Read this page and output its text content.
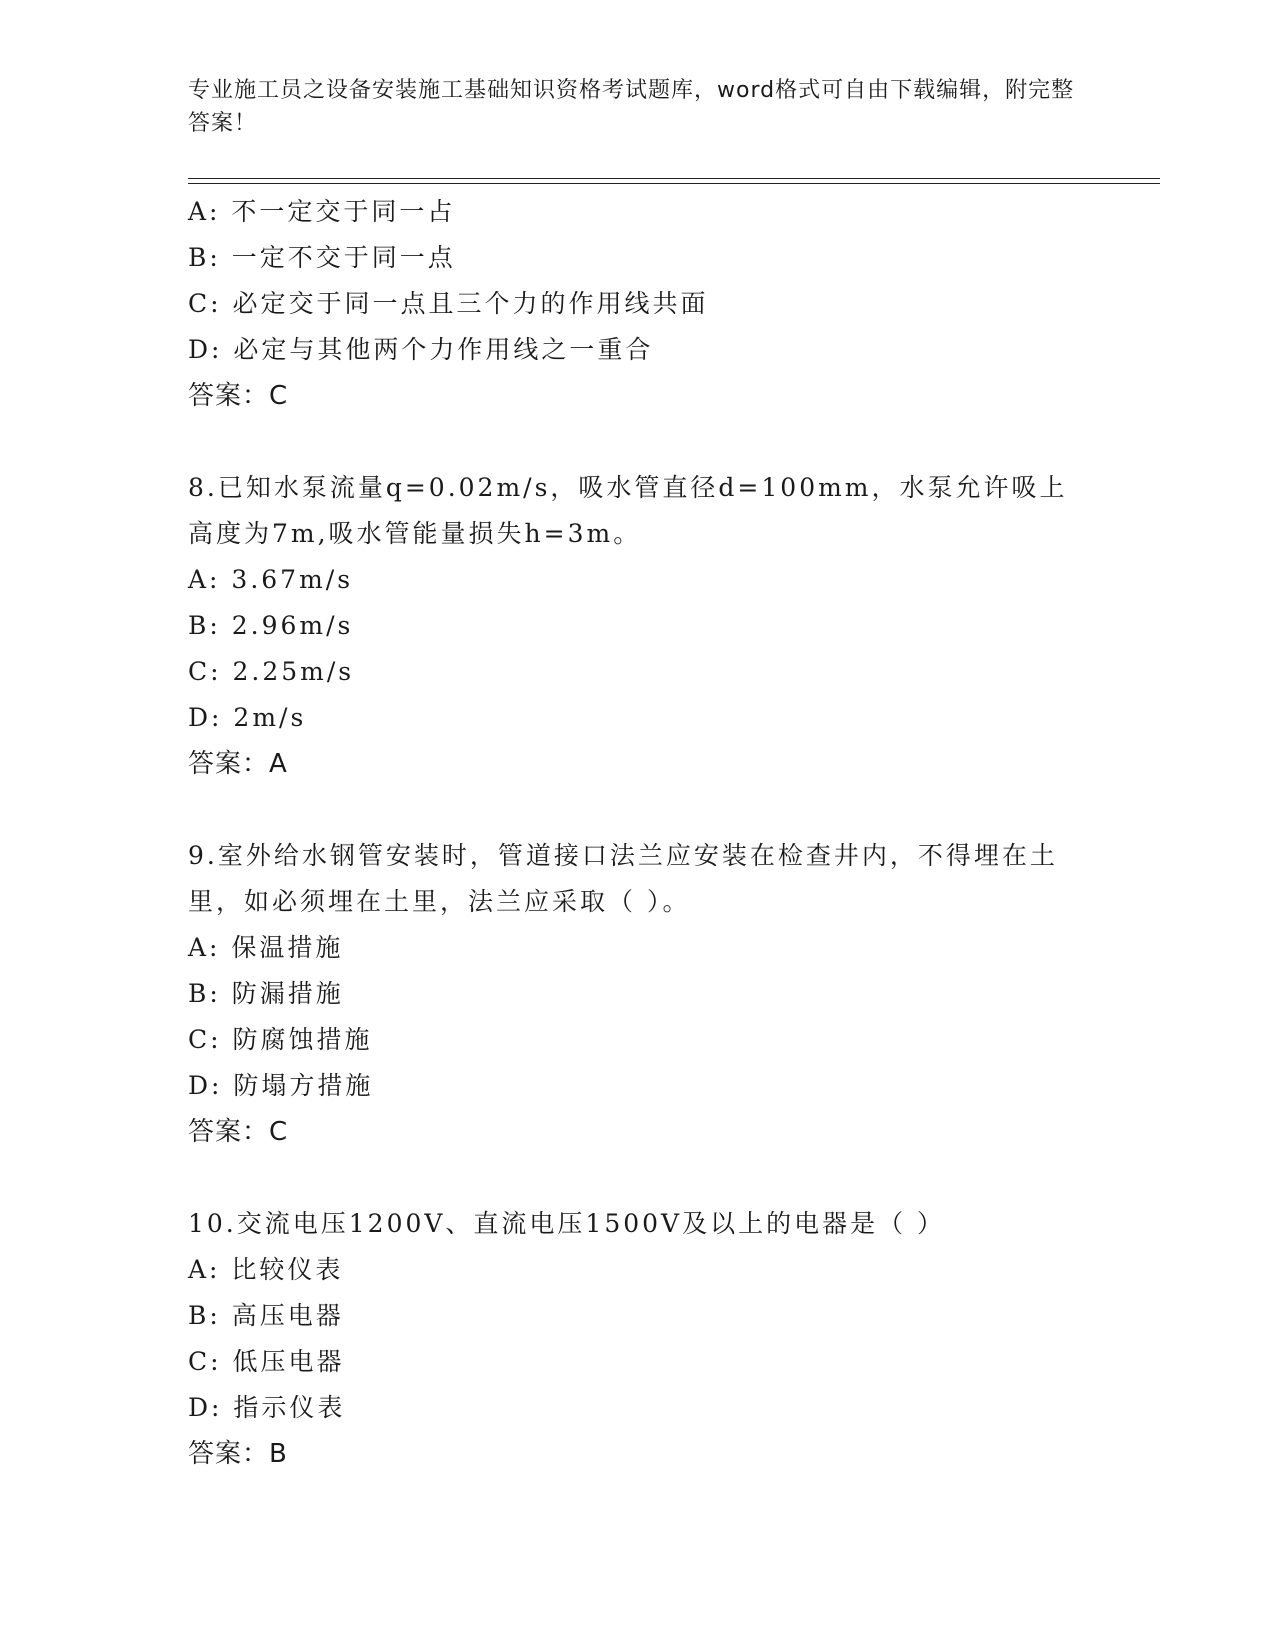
专业施工员之设备安装施工基础知识资格考试题库，word格式可自由下载编辑，附完整答案！
A: 不一定交于同一占
B: 一定不交于同一点
C: 必定交于同一点且三个力的作用线共面
D: 必定与其他两个力作用线之一重合
答案：C
8.已知水泵流量q=0.02m/s，吸水管直径d=100mm，水泵允许吸上高度为7m,吸水管能量损失h=3m。
A: 3.67m/s
B: 2.96m/s
C: 2.25m/s
D: 2m/s
答案：A
9.室外给水钢管安装时，管道接口法兰应安装在检查井内，不得埋在土里，如必须埋在土里，法兰应采取（ ）。
A: 保温措施
B: 防漏措施
C: 防腐蚀措施
D: 防塌方措施
答案：C
10.交流电压1200V、直流电压1500V及以上的电器是（ ）
A: 比较仪表
B: 高压电器
C: 低压电器
D: 指示仪表
答案：B
